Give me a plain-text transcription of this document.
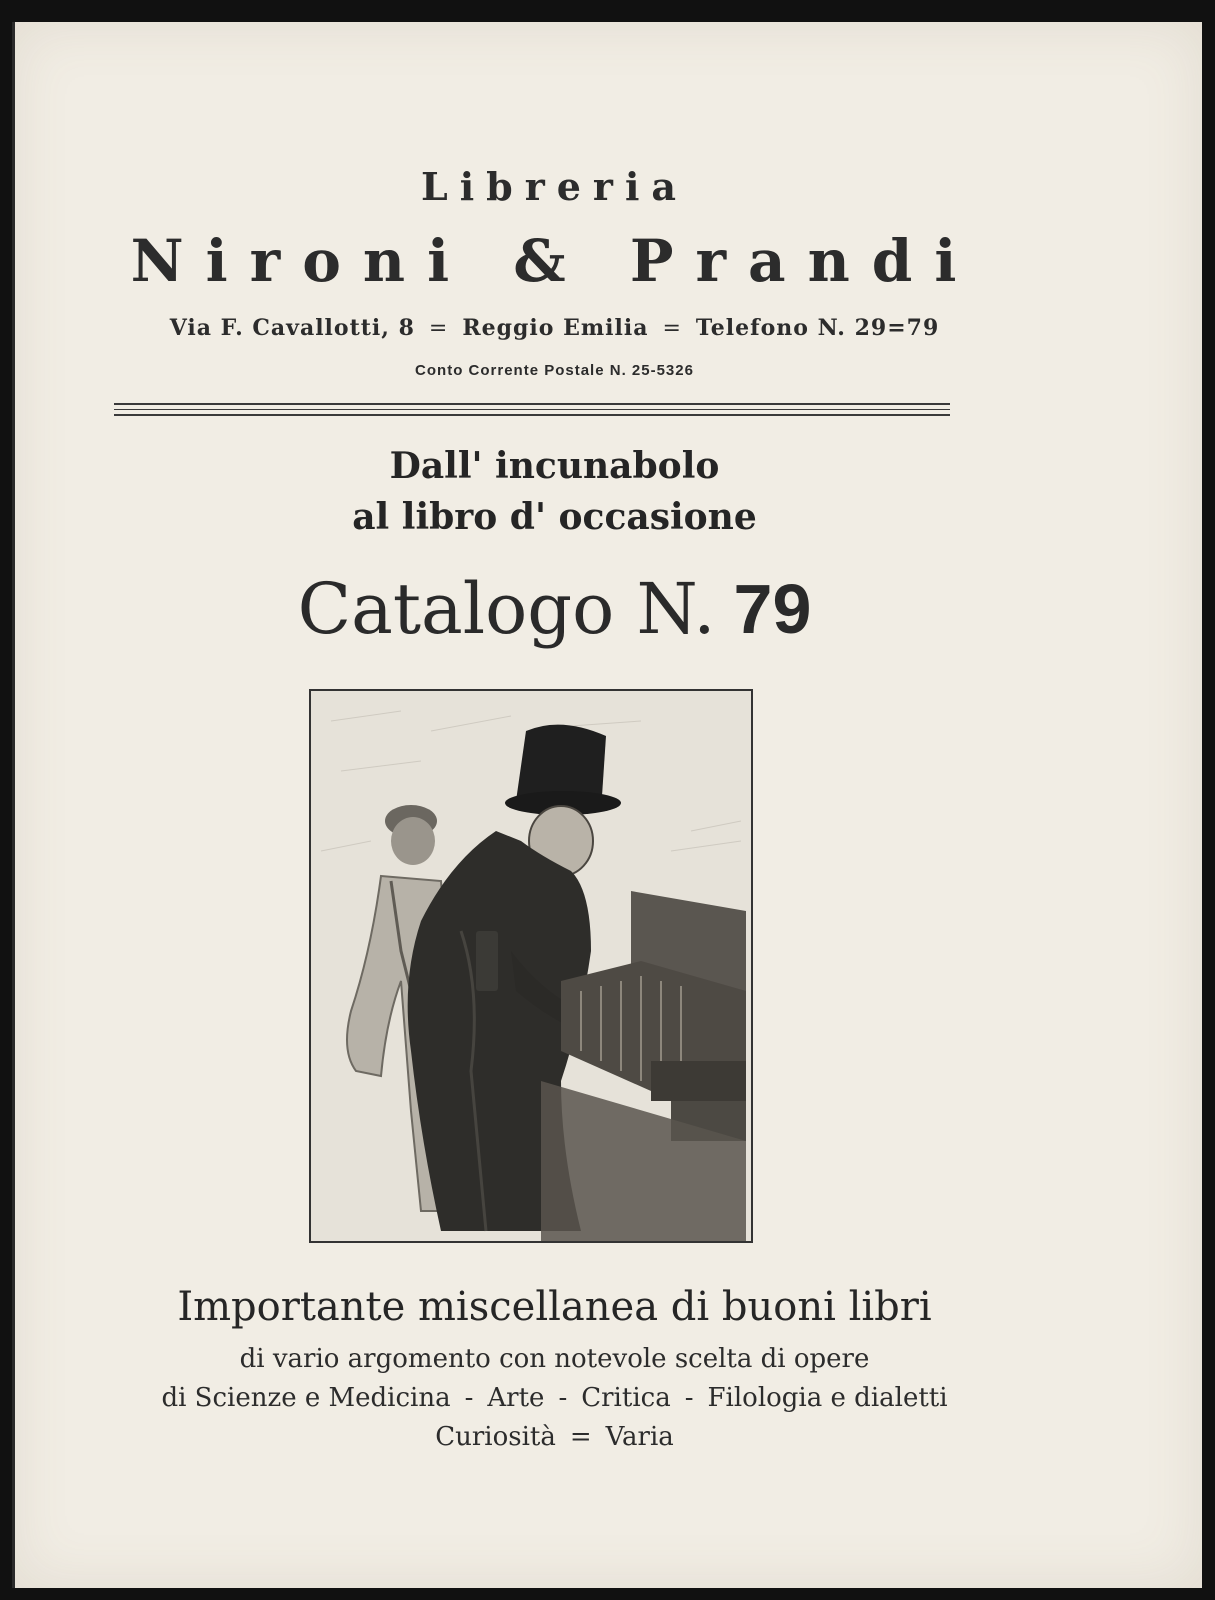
Libreria
Nironi & Prandi
Via F. Cavallotti, 8 = Reggio Emilia = Telefono N. 29=79
Conto Corrente Postale N. 25-5326
Dall' incunabolo
al libro d' occasione
Catalogo N. 79
Importante miscellanea di buoni libri
di vario argomento con notevole scelta di opere
di Scienze e Medicina - Arte - Critica - Filologia e dialetti
Curiosità = Varia
